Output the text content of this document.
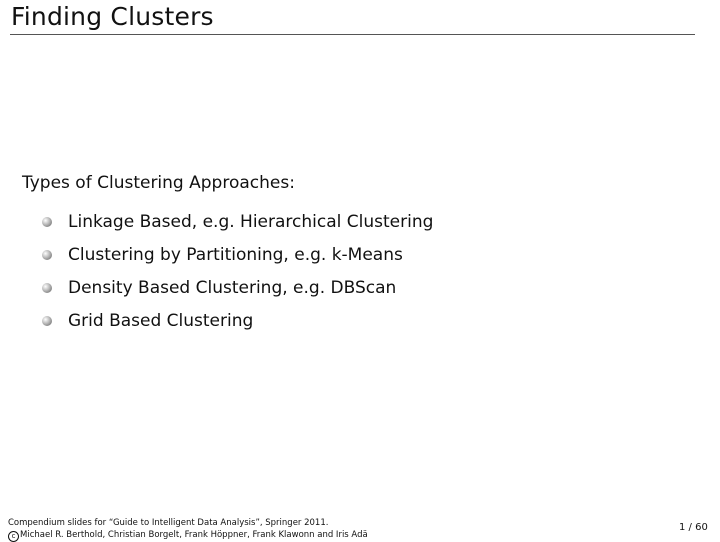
Finding Clusters
Types of Clustering Approaches:
Linkage Based, e.g. Hierarchical Clustering
Clustering by Partitioning, e.g. k-Means
Density Based Clustering, e.g. DBScan
Grid Based Clustering
Compendium slides for “Guide to Intelligent Data Analysis”, Springer 2011.
c Michael R. Berthold, Christian Borgelt, Frank Höppner, Frank Klawonn and Iris Adä
1 / 60
